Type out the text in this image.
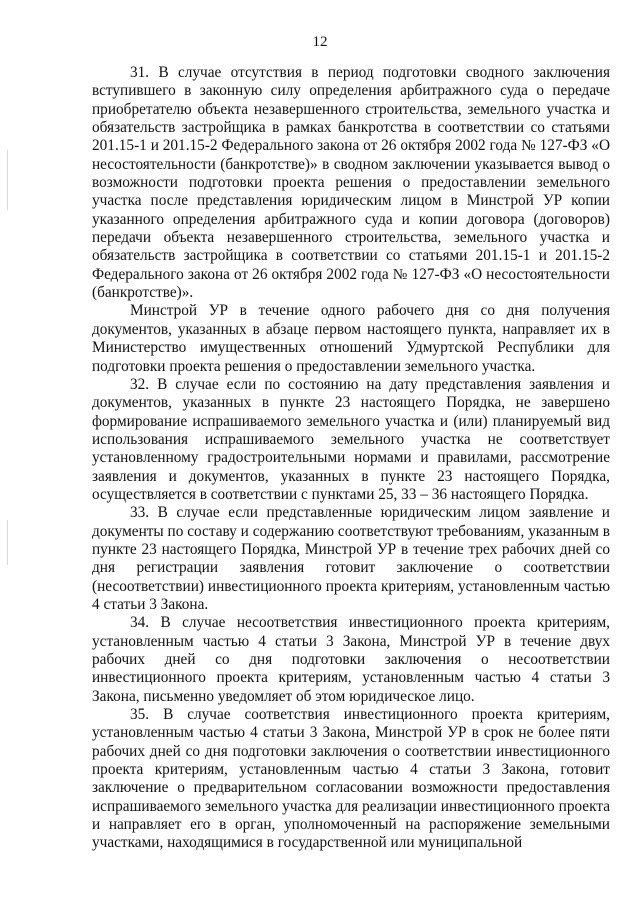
12

31. В случае отсутствия в период подготовки сводного заключения вступившего в законную силу определения арбитражного суда о передаче приобретателю объекта незавершенного строительства, земельного участка и обязательств застройщика в рамках банкротства в соответствии со статьями 201.15-1 и 201.15-2 Федерального закона от 26 октября 2002 года № 127-ФЗ «О несостоятельности (банкротстве)» в сводном заключении указывается вывод о возможности подготовки проекта решения о предоставлении земельного участка после представления юридическим лицом в Минстрой УР копии указанного определения арбитражного суда и копии договора (договоров) передачи объекта незавершенного строительства, земельного участка и обязательств застройщика в соответствии со статьями 201.15-1 и 201.15-2 Федерального закона от 26 октября 2002 года № 127-ФЗ «О несостоятельности (банкротстве)».

Минстрой УР в течение одного рабочего дня со дня получения документов, указанных в абзаце первом настоящего пункта, направляет их в Министерство имущественных отношений Удмуртской Республики для подготовки проекта решения о предоставлении земельного участка.

32. В случае если по состоянию на дату представления заявления и документов, указанных в пункте 23 настоящего Порядка, не завершено формирование испрашиваемого земельного участка и (или) планируемый вид использования испрашиваемого земельного участка не соответствует установленному градостроительными нормами и правилами, рассмотрение заявления и документов, указанных в пункте 23 настоящего Порядка, осуществляется в соответствии с пунктами 25, 33 – 36 настоящего Порядка.

33. В случае если представленные юридическим лицом заявление и документы по составу и содержанию соответствуют требованиям, указанным в пункте 23 настоящего Порядка, Минстрой УР в течение трех рабочих дней со дня регистрации заявления готовит заключение о соответствии (несоответствии) инвестиционного проекта критериям, установленным частью 4 статьи 3 Закона.

34. В случае несоответствия инвестиционного проекта критериям, установленным частью 4 статьи 3 Закона, Минстрой УР в течение двух рабочих дней со дня подготовки заключения о несоответствии инвестиционного проекта критериям, установленным частью 4 статьи 3 Закона, письменно уведомляет об этом юридическое лицо.

35. В случае соответствия инвестиционного проекта критериям, установленным частью 4 статьи 3 Закона, Минстрой УР в срок не более пяти рабочих дней со дня подготовки заключения о соответствии инвестиционного проекта критериям, установленным частью 4 статьи 3 Закона, готовит заключение о предварительном согласовании возможности предоставления испрашиваемого земельного участка для реализации инвестиционного проекта и направляет его в орган, уполномоченный на распоряжение земельными участками, находящимися в государственной или муниципальной
